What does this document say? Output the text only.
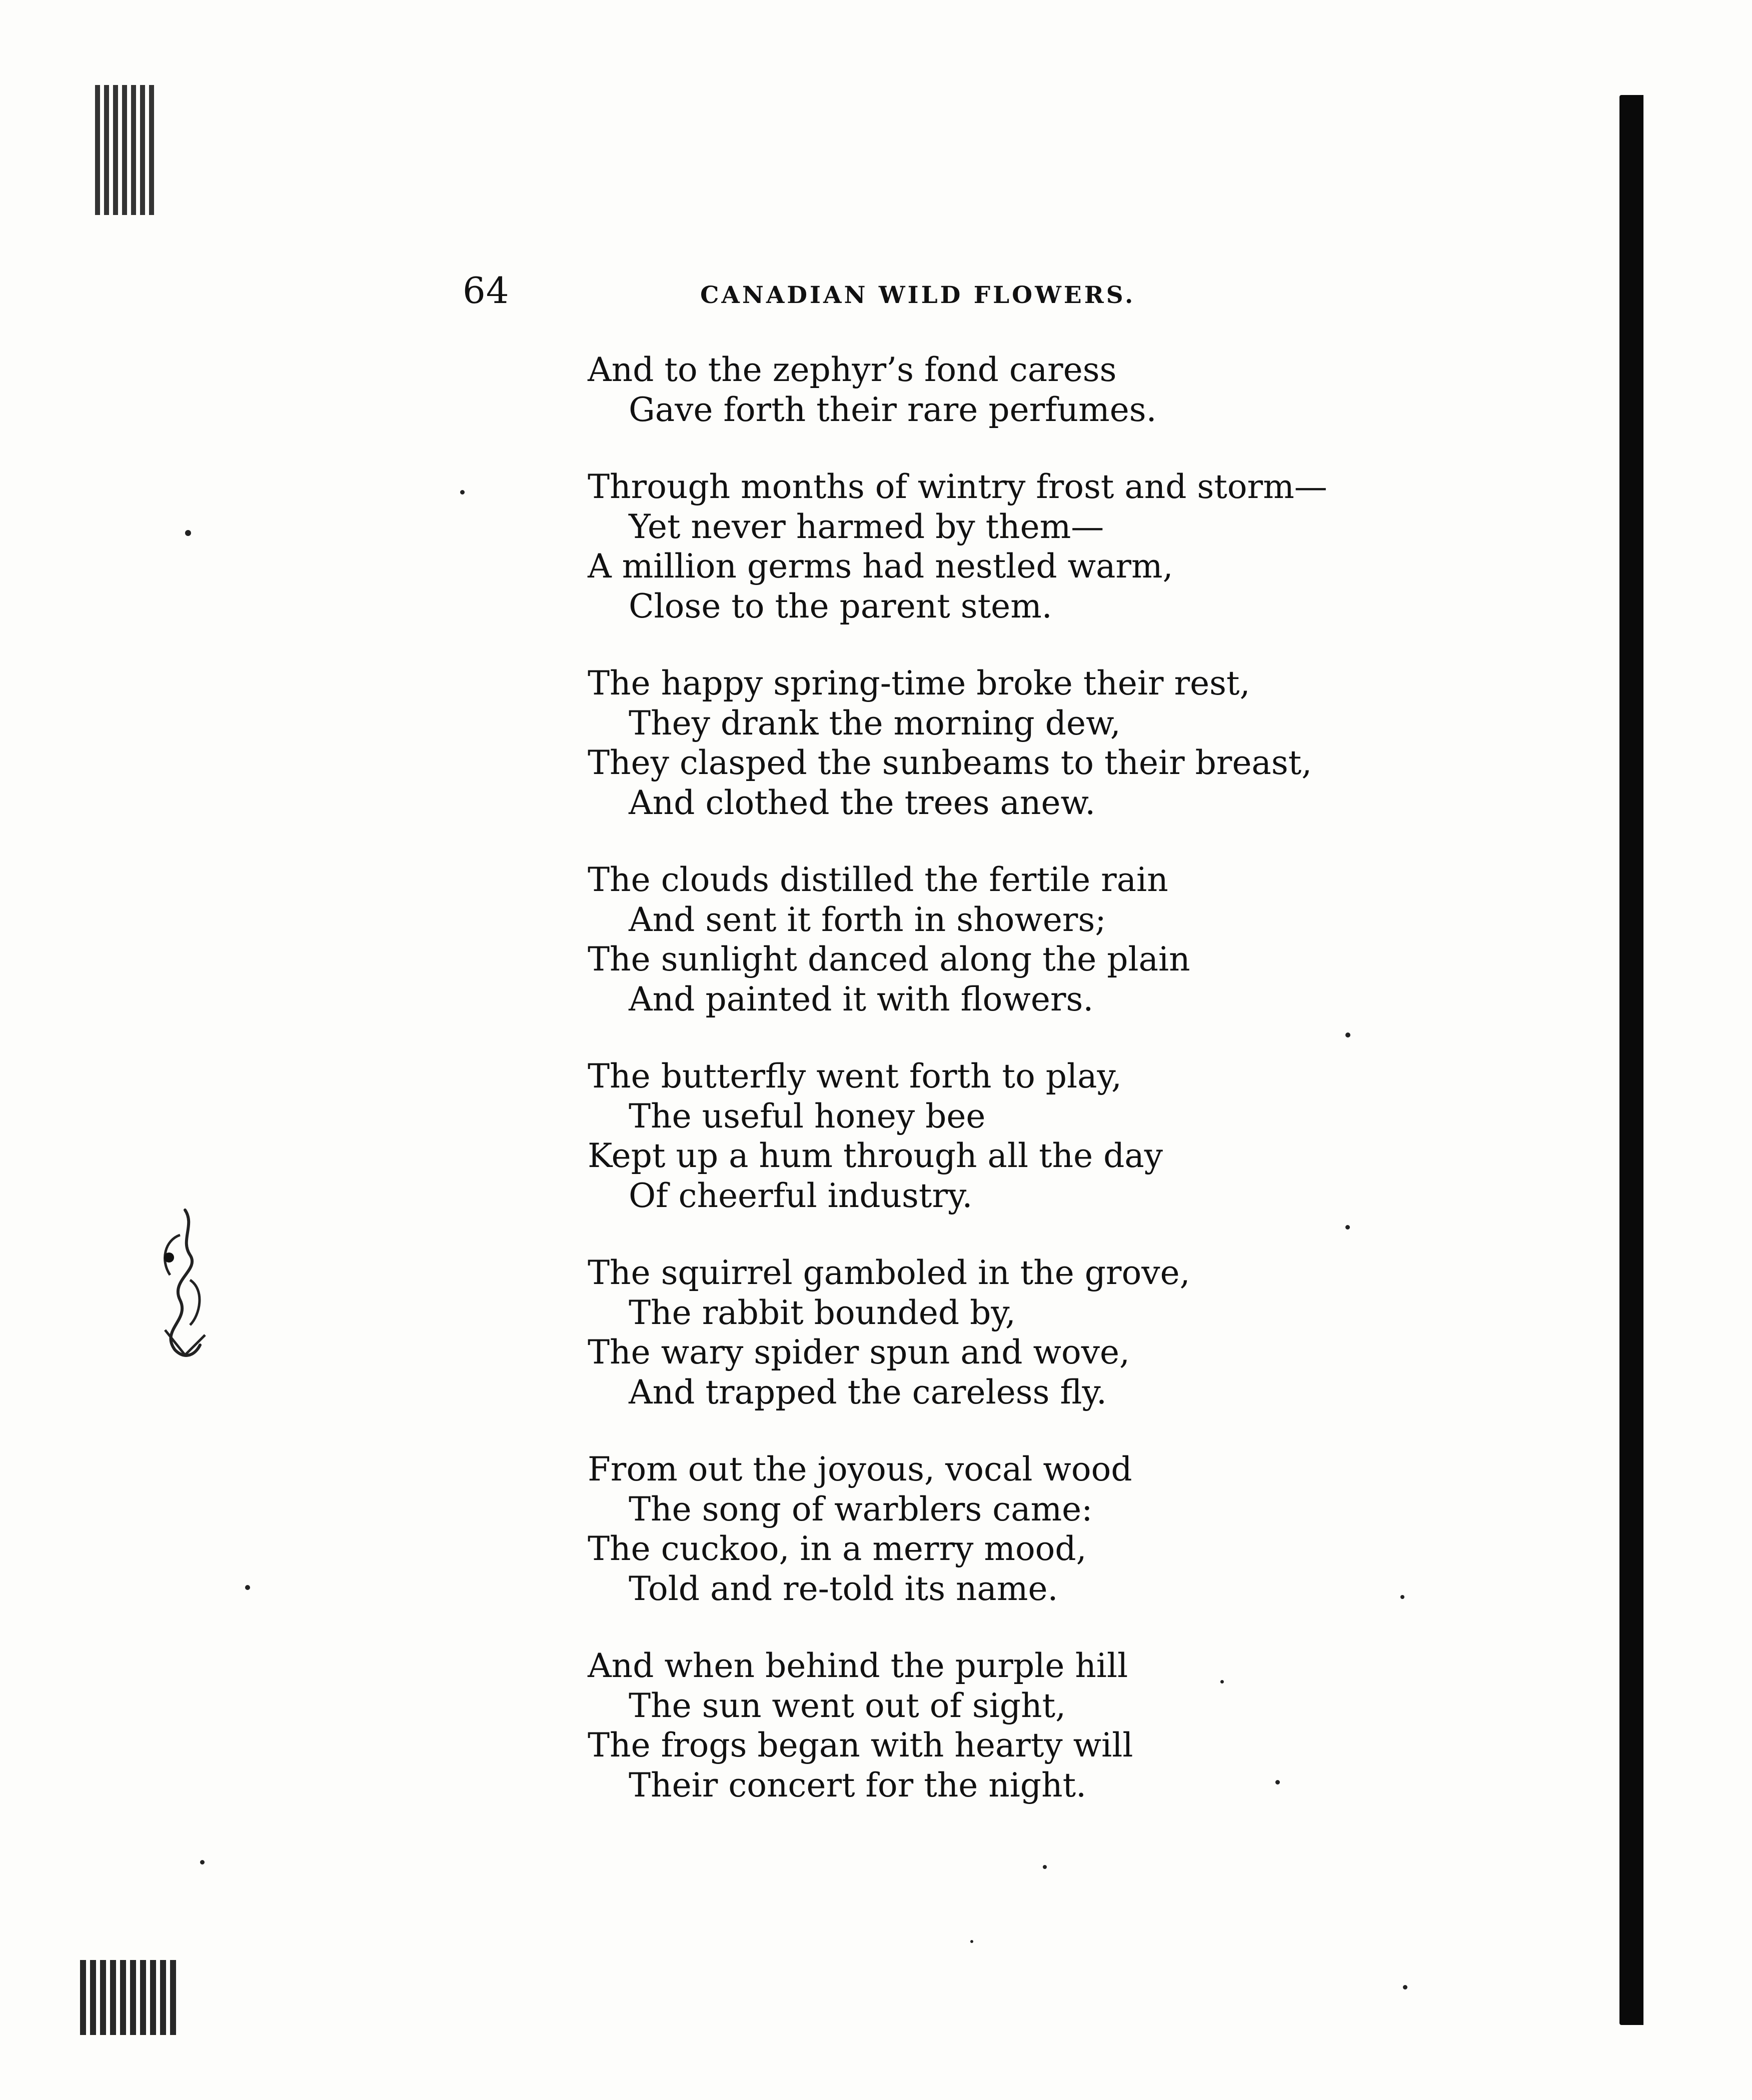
64	CANADIAN WILD FLOWERS.
And to the zephyr’s fond caress
Gave forth their rare perfumes.
Through months of wintry frost and storm—
Yet never harmed by them—
A million germs had nestled warm,
Close to the parent stem.
The happy spring-time broke their rest,
They drank the morning dew,
They clasped the sunbeams to their breast,
And clothed the trees anew.
The clouds distilled the fertile rain
And sent it forth in showers;
The sunlight danced along the plain
And painted it with flowers.
The butterfly went forth to play,
The useful honey bee
Kept up a hum through all the day
Of cheerful industry.
The squirrel gamboled in the grove,
The rabbit bounded by,
The wary spider spun and wove,
And trapped the careless fly.
From out the joyous, vocal wood
The song of warblers came:
The cuckoo, in a merry mood,
Told and re-told its name.
And when behind the purple hill
The sun went out of sight,
The frogs began with hearty will
Their concert for the night.
